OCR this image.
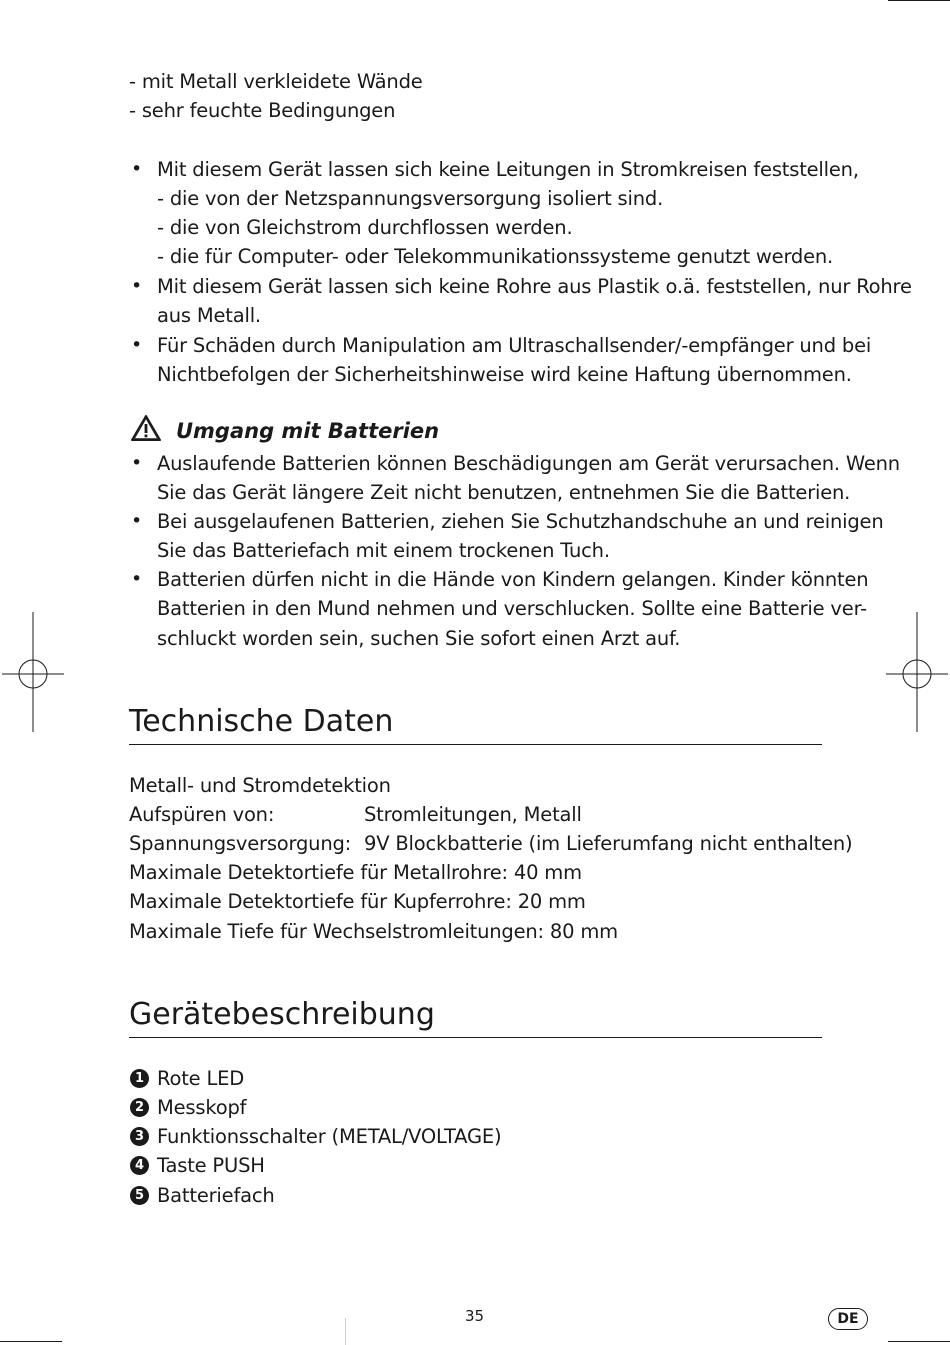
- mit Metall verkleidete Wände
- sehr feuchte Bedingungen
• Mit diesem Gerät lassen sich keine Leitungen in Stromkreisen feststellen,
- die von der Netzspannungsversorgung isoliert sind.
- die von Gleichstrom durchflossen werden.
- die für Computer- oder Telekommunikationssysteme genutzt werden.
• Mit diesem Gerät lassen sich keine Rohre aus Plastik o.ä. feststellen, nur Rohre
aus Metall.
• Für Schäden durch Manipulation am Ultraschallsender/-empfänger und bei
Nichtbefolgen der Sicherheitshinweise wird keine Haftung übernommen.
Umgang mit Batterien
• Auslaufende Batterien können Beschädigungen am Gerät verursachen. Wenn
Sie das Gerät längere Zeit nicht benutzen, entnehmen Sie die Batterien.
• Bei ausgelaufenen Batterien, ziehen Sie Schutzhandschuhe an und reinigen
Sie das Batteriefach mit einem trockenen Tuch.
• Batterien dürfen nicht in die Hände von Kindern gelangen. Kinder könnten
Batterien in den Mund nehmen und verschlucken. Sollte eine Batterie ver-
schluckt worden sein, suchen Sie sofort einen Arzt auf.
Technische Daten
Metall- und Stromdetektion
Aufspüren von:	Stromleitungen, Metall
Spannungsversorgung: 9V Blockbatterie (im Lieferumfang nicht enthalten)
Maximale Detektortiefe für Metallrohre: 40 mm
Maximale Detektortiefe für Kupferrohre: 20 mm
Maximale Tiefe für Wechselstromleitungen: 80 mm
Gerätebeschreibung
1 Rote LED
2 Messkopf
3 Funktionsschalter (METAL/VOLTAGE)
4 Taste PUSH
5 Batteriefach
35	DE
